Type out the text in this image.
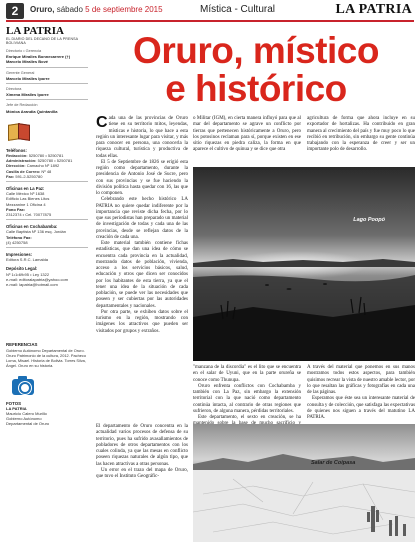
2	Oruro, sábado 5 de septiembre 2015	Mística - Cultural	LA PATRIA
LA PATRIA
EL DIARIO DEL DECANO DE LA PRENSA BOLIVIANA
Directorio • Gerencia
Enrique Miralles Bonnecarrere (†)
Marcelo Miralles Bové
Gerente General
Marcelo Miralles Iporre
Directora
Ximena Miralles Iporre
Jefe de Redacción
Mónica Arandia Quintanilla
Teléfonos:
Redacción: 5250780 • 5250781
Administración: 5250780 • 5250781
Dirección: Camacho Nº 1892
Casilla de Correo: Nº 48
Fax: 591-2-5250780
Oficinas en La Paz:
Calle México Nº 1638
Edificio Las Bienes Litos
Mezzanine 1 Oficina 4
Fono Fax:
2312374 • Cel. 70077875
Oficinas en Cochabamba:
Calle Baptista Nº 136 esq. Jordán
Teléfono Fax:
(4) 4250758
Impresiones:
Editora S.R.C. Lamalda
Depósito Legal:
Nº 1•1•69•95 • Ley 1322
e-mail: editoralapatria@yahoo.com
e-mail: lapatria@hotmail.com
REFERENCIAS
Gobierno Autónomo Departamental de Oruro. Oruro Patrimonio de la cultura, 2012. Pacheco Loma, Misael. Historia de Bolivia. Torres Silva, Ángel. Oruro en su historia.
FOTOS
LA PATRIA
Mauricio Calero Murillo
Gobierno Autónomo
Departamental de Oruro
Oruro, místico
e histórico

Cada una de las provincias de Oruro tiene en su territorio mitos, leyendas, místicas e historia, lo que hace a esta región un interesante lugar para visitar, y más para conocer en persona, una conocerla la riqueza cultural, turística y productiva de todas ellas.

El 5 de Septiembre de 1826 se erigió esta región como departamento, durante la presidencia de Antonio José de Sucre, pero con sus provincias y se fue haciendo la división política hasta quedar con 16, las que lo componen.

Celebrando este hecho histórico LA PATRIA no quiere quedar indiferente por la importancia que reviste dicha fecha, por lo que sus periodistas han preparado un material de investigación de todas y cada una de las provincias, desde se reflejan datos de la creación de cada una.

Este material también contiene fichas estadísticas, que dan una idea de cómo se encuentra cada provincia en la actualidad, mostrando datos de población, vivienda, acceso a los servicios básicos, salud, educación y otros que dicen ser conocidos por los habitantes de esta tierra, ya que el tener una idea de la situación de cada población, se puede ver las necesidades que poseen y ser cubiertas por las autoridades departamentales y nacionales.

Por otra parte, se exhiben datos sobre el turismo en la región, mostrando con imágenes los atractivos que pueden ser visitados por grupos y extraños.

o Militar (IGM), en cierta manera influyó para que al mar del departamento se agrave un conflicto por tierras que pertenecen históricamente a Oruro, pero los potosinos reclaman para sí, porque existen en ese sitio riquezas en piedra caliza, la forma en que aparece el cultivo de quinua y se dice que otra

agricultura de forma que ahora incluye en su exportador de hortalizas. Ha contribuido en gran manera al crecimiento del país y fue muy poco lo que recibió en retribución, sin embargo su gente continúa trabajando con la esperanza de creer y ser un importante polo de desarrollo.

Lago Poopó

"manzana de la discordia" es el lito que se encuentra en el salar de Uyuni, que en la parte orureña se conoce como Thunupa.

Oruro enfrenta conflictos con Cochabamba y también con La Paz, sin embargo la extensión territorial con la que nació como departamento continúa intacta, al contrario de otras regiones que sufrieron, de alguna manera, pérdidas territoriales.

Este departamento, el sexto en creación, se ha

A través del material que ponemos en sus manos mostramos todos estos aspectos, para también quisimos recrear la vista de nuestro amable lector, por lo que resaltan las gráficas y fotografías en cada una de las páginas.

Esperamos que éste sea un interesante material de consulta y de colección, que satisfaga las expectativas de quienes nos siguen a través del matutino LA PATRIA.

El departamento de Oruro concentra en la actualidad varios procesos de defensa de su territorio, pues ha sufrido avasallamientos de pobladores de otros departamentos con los cuales colinda, ya que las mesas en conflicto poseen riquezas naturales de algún tipo, que las hacen atractivas a otras personas.

Un error en el trazo del mapa de Oruro, que tuvo el Instituto Geográfic-

Salar de Coipasa
